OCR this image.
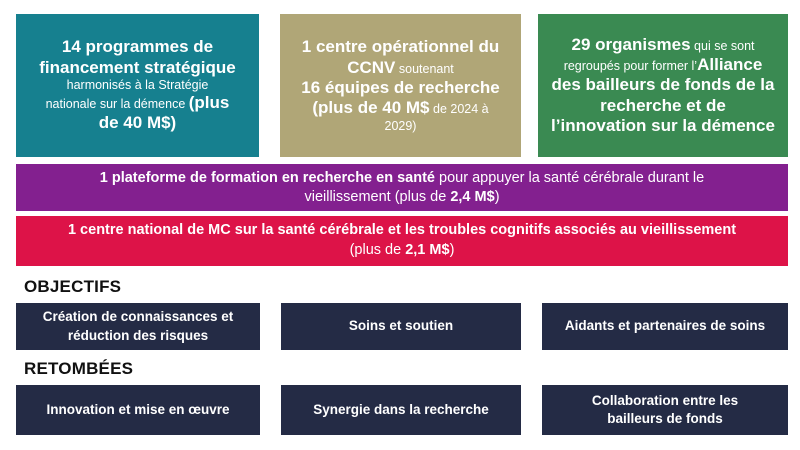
14 programmes de
financement stratégique
harmonisés à la Stratégie
nationale sur la démence (plus
de 40 M$)
1 centre opérationnel du
CCNV soutenant
16 équipes de recherche
(plus de 40 M$ de 2024 à
2029)
29 organismes qui se sont
regroupés pour former l’Alliance
des bailleurs de fonds de la
recherche et de
l’innovation sur la démence
1 plateforme de formation en recherche en santé pour appuyer la santé cérébrale durant le vieillissement (plus de 2,4 M$)
1 centre national de MC sur la santé cérébrale et les troubles cognitifs associés au vieillissement
(plus de 2,1 M$)
OBJECTIFS
Création de connaissances et réduction des risques
Soins et soutien	Aidants et partenaires de soins
RETOMBÉES
Innovation et mise en œuvre	Synergie dans la recherche
Collaboration entre les bailleurs de fonds
